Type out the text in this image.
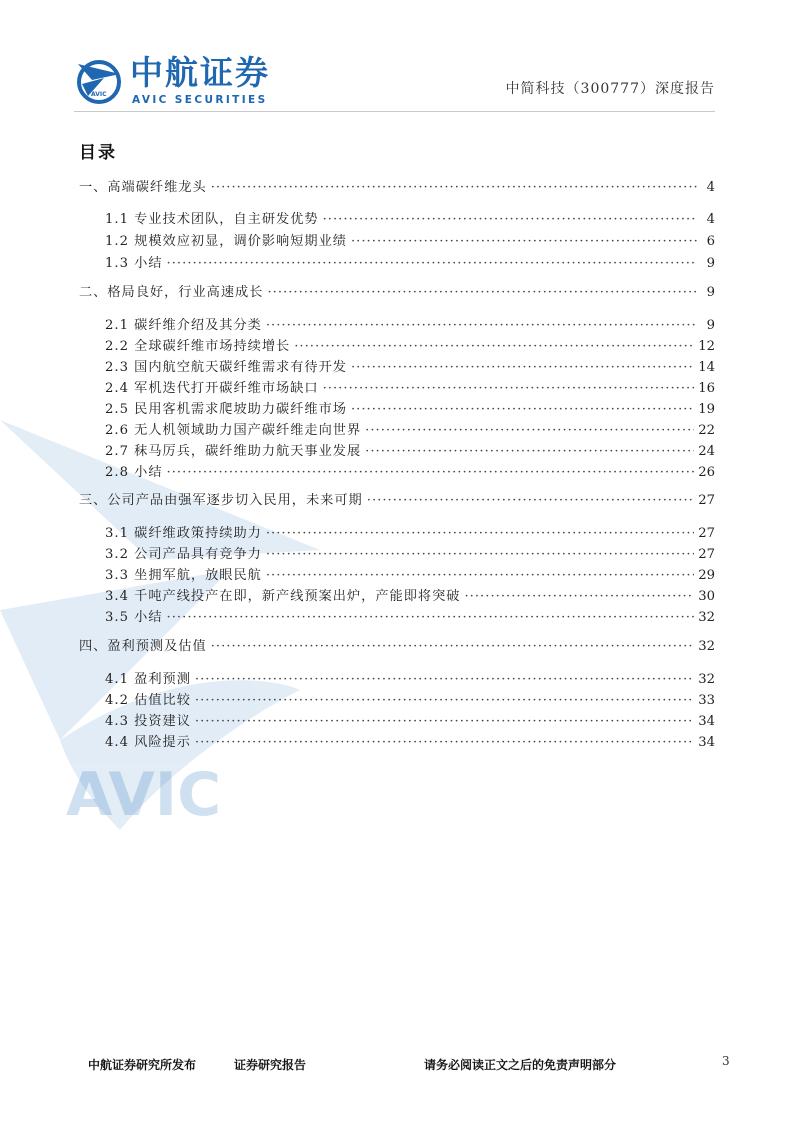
AVIC
AVIC
中航证券
AVIC SECURITIES
中简科技（300777）深度报告
目录
一、高端碳纤维龙头 ·····	4
1.1 专业技术团队，自主研发优势 ·····	4
1.2 规模效应初显，调价影响短期业绩 ·····	6
1.3 小结 ·····	9
二、格局良好，行业高速成长 ·····	9
2.1 碳纤维介绍及其分类 ·····	9
2.2 全球碳纤维市场持续增长 ·····	12
2.3 国内航空航天碳纤维需求有待开发 ·····	14
2.4 军机迭代打开碳纤维市场缺口 ·····	16
2.5 民用客机需求爬坡助力碳纤维市场 ·····	19
2.6 无人机领域助力国产碳纤维走向世界 ·····	22
2.7 秣马厉兵，碳纤维助力航天事业发展 ·····	24
2.8 小结 ·····	26
三、公司产品由强军逐步切入民用，未来可期 ·····	27
3.1 碳纤维政策持续助力 ·····	27
3.2 公司产品具有竞争力 ·····	27
3.3 坐拥军航，放眼民航 ·····	29
3.4 千吨产线投产在即，新产线预案出炉，产能即将突破 ·····	30
3.5 小结 ·····	32
四、盈利预测及估值 ·····	32
4.1 盈利预测 ·····	32
4.2 估值比较 ·····	33
4.3 投资建议 ·····	34
4.4 风险提示 ·····	34
中航证券研究所发布	证券研究报告	请务必阅读正文之后的免责声明部分	3
